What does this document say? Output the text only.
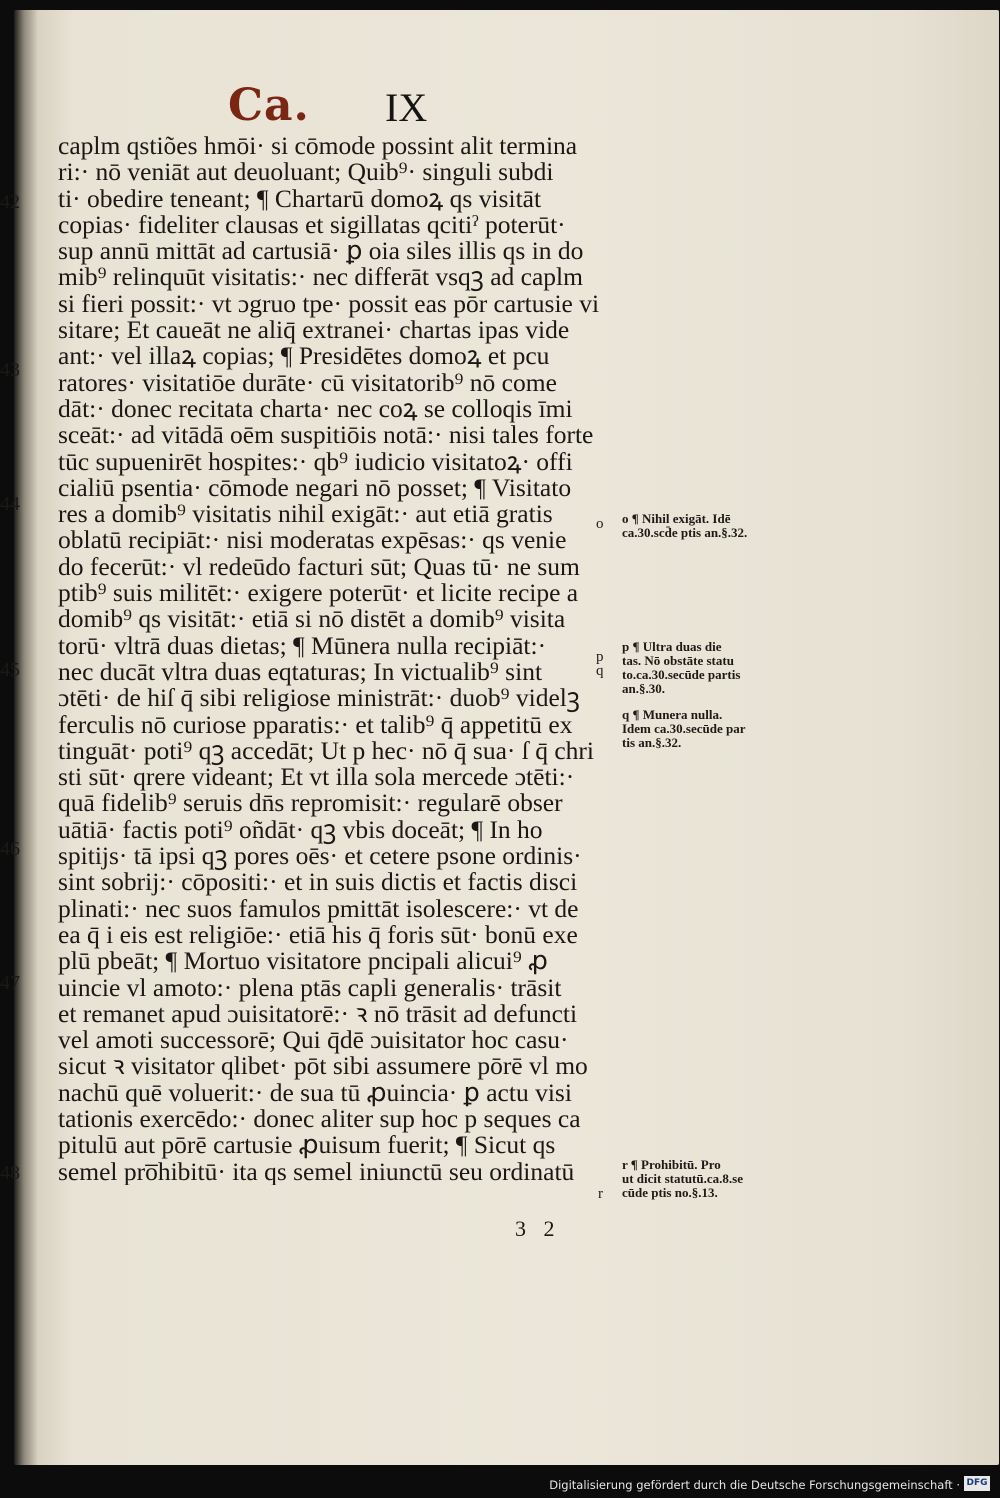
Ca. IX
caplm qstiões hmōi· si cōmode possint alit termina
ri:· nō veniāt aut deuoluant; Quib⁹· singuli subdi
ti· obedire teneant; ¶ Chartarū domoꝝ qs visitāt
copias· fideliter clausas et sigillatas qcitiˀ poterūt·
sup annū mittāt ad cartusiā· ꝑ oia siles illis qs in do
mib⁹ relinquūt visitatis:· nec differāt vsqꝫ ad caplm
si fieri possit:· vt ɔgruo tpe· possit eas pōr cartusie vi
sitare; Et caueāt ne aliq̄ extranei· chartas ipas vide
ant:· vel illaꝝ copias; ¶ Presidētes domoꝝ et pcu
ratores· visitatiōe durāte· cū visitatorib⁹ nō come
dāt:· donec recitata charta· nec coꝝ se colloqis īmi
sceāt:· ad vitādā oēm suspitiōis notā:· nisi tales forte
tūc supuenirēt hospites:· qb⁹ iudicio visitatoꝝ· offi
cialiū psentia· cōmode negari nō posset; ¶ Visitato
res a domib⁹ visitatis nihil exigāt:· aut etiā gratis
oblatū recipiāt:· nisi moderatas expēsas:· qs venie
do fecerūt:· vl redeūdo facturi sūt; Quas tū· ne sum
ptib⁹ suis militēt:· exigere poterūt· et licite recipe a
domib⁹ qs visitāt:· etiā si nō distēt a domib⁹ visita
torū· vltrā duas dietas; ¶ Mūnera nulla recipiāt:·
nec ducāt vltra duas eqtaturas; In victualib⁹ sint
ɔtēti· de hiſ q̄ sibi religiose ministrāt:· duob⁹ videlꝫ
ferculis nō curiose pparatis:· et talib⁹ q̄ appetitū ex
tinguāt· poti⁹ qꝫ accedāt; Ut p hec· nō q̄ sua· ſ q̄ chri
sti sūt· qrere videant; Et vt illa sola mercede ɔtēti:·
quā fidelib⁹ seruis dn̄s repromisit:· regularē obser
uātiā· factis poti⁹ oñdāt· qꝫ vbis doceāt; ¶ In ho
spitijs· tā ipsi qꝫ pores oēs· et cetere psone ordinis·
sint sobrij:· cōpositi:· et in suis dictis et factis disci
plinati:· nec suos famulos pmittāt isolescere:· vt de
ea q̄ i eis est religiōe:· etiā his q̄ foris sūt· bonū exe
plū pbeāt; ¶ Mortuo visitatore pncipali alicui⁹ ꝓ
uincie vl amoto:· plena ptās capli generalis· trāsit
et remanet apud ɔuisitatorē:· ꝛ nō trāsit ad defuncti
vel amoti successorē; Qui q̄dē ɔuisitator hoc casu·
sicut ꝛ visitator qlibet· pōt sibi assumere pōrē vl mo
nachū quē voluerit:· de sua tū ꝓuincia· ꝑ actu visi
tationis exercēdo:· donec aliter sup hoc p seques ca
pitulū aut pōrē cartusie ꝓuisum fuerit; ¶ Sicut qs
semel pro̅hibitū· ita qs semel iniunctū seu ordinatū
42
43
44
45
46
47
48
o
p
q
r
o ¶ Nihil exigāt. Idē
ca.30.scd̄e ptis an.§.32.
p ¶ Ultra duas die
tas. Nō obstāte statu
to.ca.30.secūde partis
an.§.30.
q ¶ Munera nulla.
Idem ca.30.secūde par
tis an.§.32.
r ¶ Prohibitū. Pro
ut dicit statutū.ca.8.se
cūde ptis no.§.13.
3 2
Digitalisierung gefördert durch die Deutsche Forschungsgemeinschaft · DFG
